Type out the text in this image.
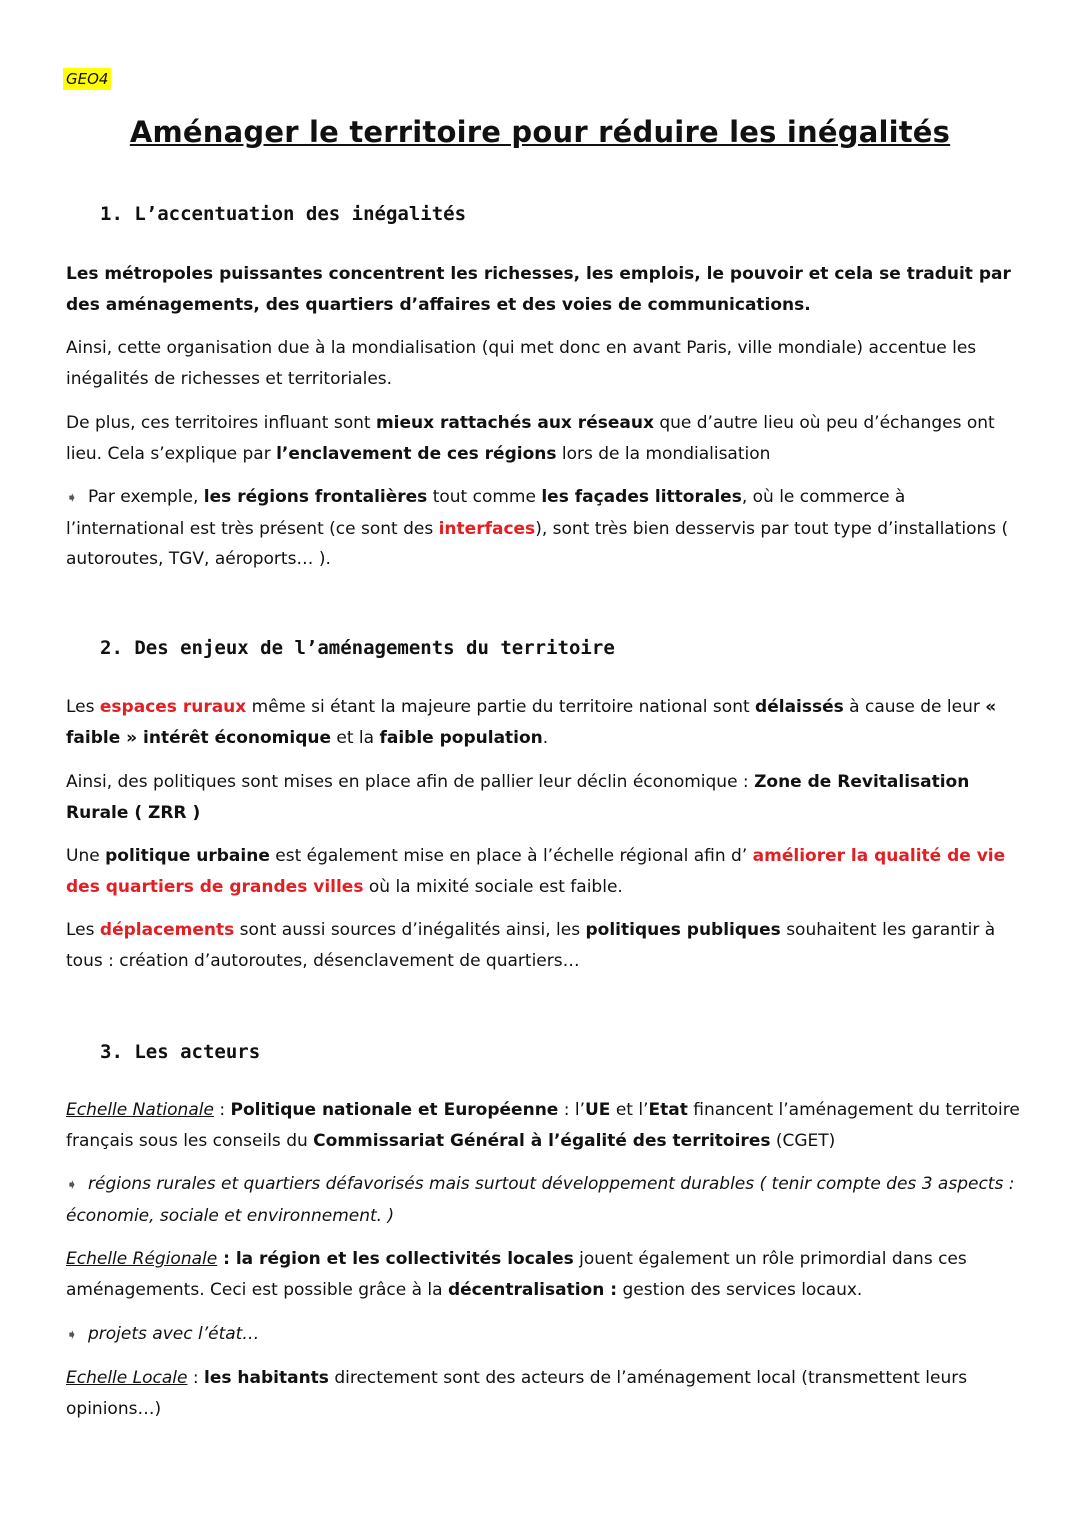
GEO4
Aménager le territoire pour réduire les inégalités
1. L’accentuation des inégalités
Les métropoles puissantes concentrent les richesses, les emplois, le pouvoir et cela se traduit par des aménagements, des quartiers d’affaires et des voies de communications.
Ainsi, cette organisation due à la mondialisation (qui met donc en avant Paris, ville mondiale) accentue les inégalités de richesses et territoriales.
De plus, ces territoires influant sont mieux rattachés aux réseaux que d’autre lieu où peu d’échanges ont lieu. Cela s’explique par l’enclavement de ces régions lors de la mondialisation
➧ Par exemple, les régions frontalières tout comme les façades littorales, où le commerce à l’international est très présent (ce sont des interfaces), sont très bien desservis par tout type d’installations ( autoroutes, TGV, aéroports… ).
2. Des enjeux de l’aménagements du territoire
Les espaces ruraux même si étant la majeure partie du territoire national sont délaissés à cause de leur « faible » intérêt économique et la faible population.
Ainsi, des politiques sont mises en place afin de pallier leur déclin économique : Zone de Revitalisation Rurale ( ZRR )
Une politique urbaine est également mise en place à l’échelle régional afin d’ améliorer la qualité de vie des quartiers de grandes villes où la mixité sociale est faible.
Les déplacements sont aussi sources d’inégalités ainsi, les politiques publiques souhaitent les garantir à tous : création d’autoroutes, désenclavement de quartiers…
3. Les acteurs
Echelle Nationale : Politique nationale et Européenne : l’UE et l’Etat financent l’aménagement du territoire français sous les conseils du Commissariat Général à l’égalité des territoires (CGET)
➧ régions rurales et quartiers défavorisés mais surtout développement durables ( tenir compte des 3 aspects : économie, sociale et environnement. )
Echelle Régionale : la région et les collectivités locales jouent également un rôle primordial dans ces aménagements. Ceci est possible grâce à la décentralisation : gestion des services locaux.
➧ projets avec l’état…
Echelle Locale : les habitants directement sont des acteurs de l’aménagement local (transmettent leurs opinions…)
